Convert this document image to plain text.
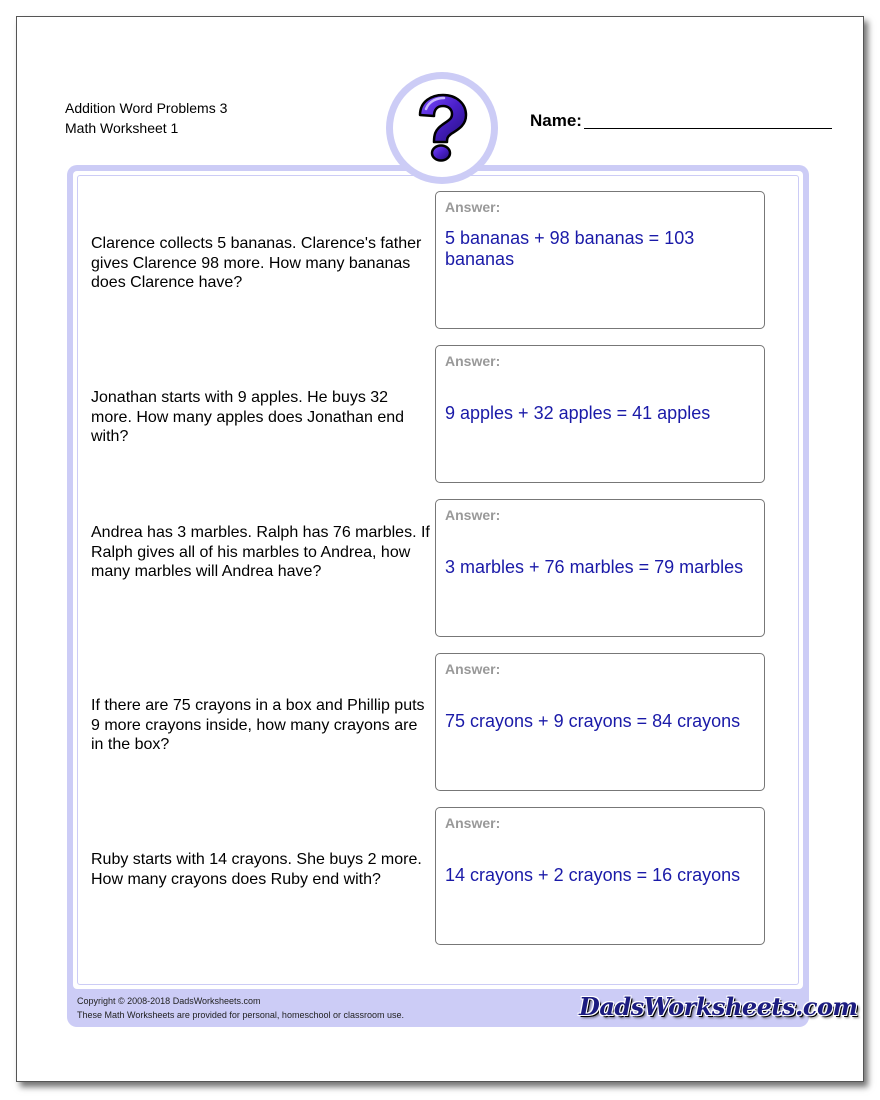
Addition Word Problems 3
Math Worksheet 1	Name:
Clarence collects 5 bananas. Clarence's father gives Clarence 98 more. How many bananas does Clarence have?
Answer:
5 bananas + 98 bananas = 103 bananas
Jonathan starts with 9 apples. He buys 32 more. How many apples does Jonathan end with?
Answer:
9 apples + 32 apples = 41 apples
Andrea has 3 marbles. Ralph has 76 marbles. If Ralph gives all of his marbles to Andrea, how many marbles will Andrea have?
Answer:
3 marbles + 76 marbles = 79 marbles
If there are 75 crayons in a box and Phillip puts 9 more crayons inside, how many crayons are in the box?
Answer:
75 crayons + 9 crayons = 84 crayons
Ruby starts with 14 crayons. She buys 2 more. How many crayons does Ruby end with?
Answer:
14 crayons + 2 crayons = 16 crayons
Copyright © 2008-2018 DadsWorksheets.com
These Math Worksheets are provided for personal, homeschool or classroom use.	DadsWorksheets.com
